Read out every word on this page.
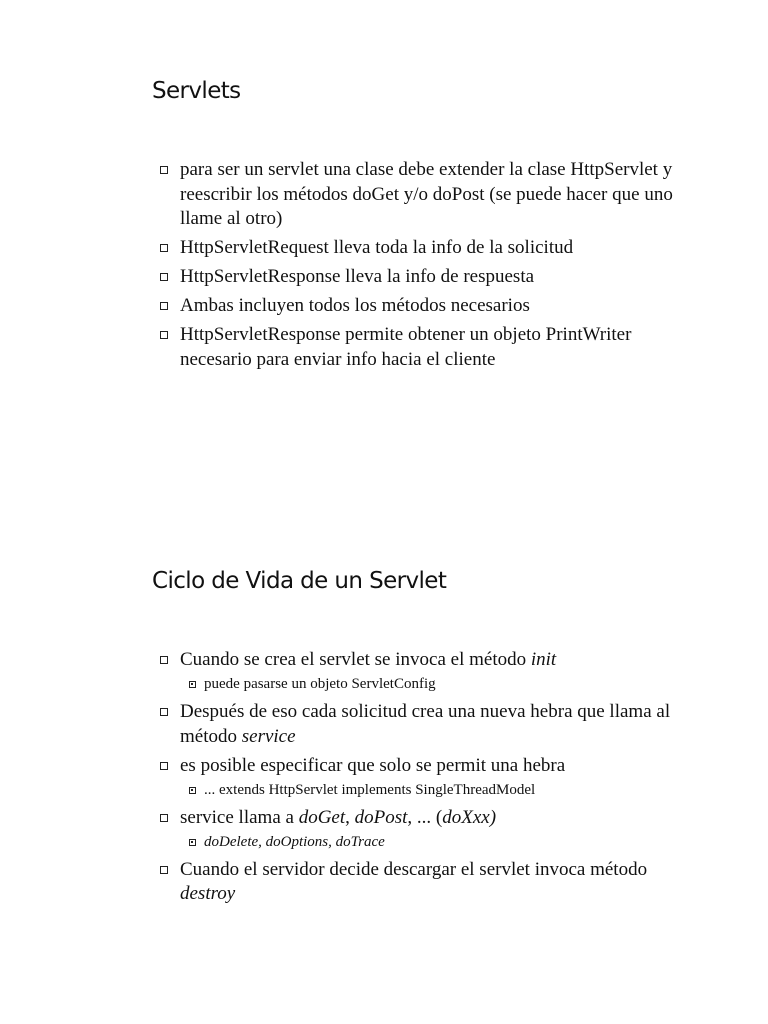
Servlets
para ser un servlet una clase debe extender la clase HttpServlet y reescribir los métodos doGet y/o doPost (se puede hacer que uno llame al otro)
HttpServletRequest lleva toda la info de la solicitud
HttpServletResponse lleva la info de respuesta
Ambas incluyen todos los métodos necesarios
HttpServletResponse permite obtener un objeto PrintWriter necesario para enviar info hacia el cliente
Ciclo de Vida de un Servlet
Cuando se crea el servlet se invoca el método init
puede pasarse un objeto ServletConfig
Después de eso cada solicitud crea una nueva hebra que llama al método service
es posible especificar que solo se permit una hebra
... extends HttpServlet implements SingleThreadModel
service llama a doGet, doPost, ... (doXxx)
doDelete, doOptions, doTrace
Cuando el servidor decide descargar el servlet invoca método destroy
